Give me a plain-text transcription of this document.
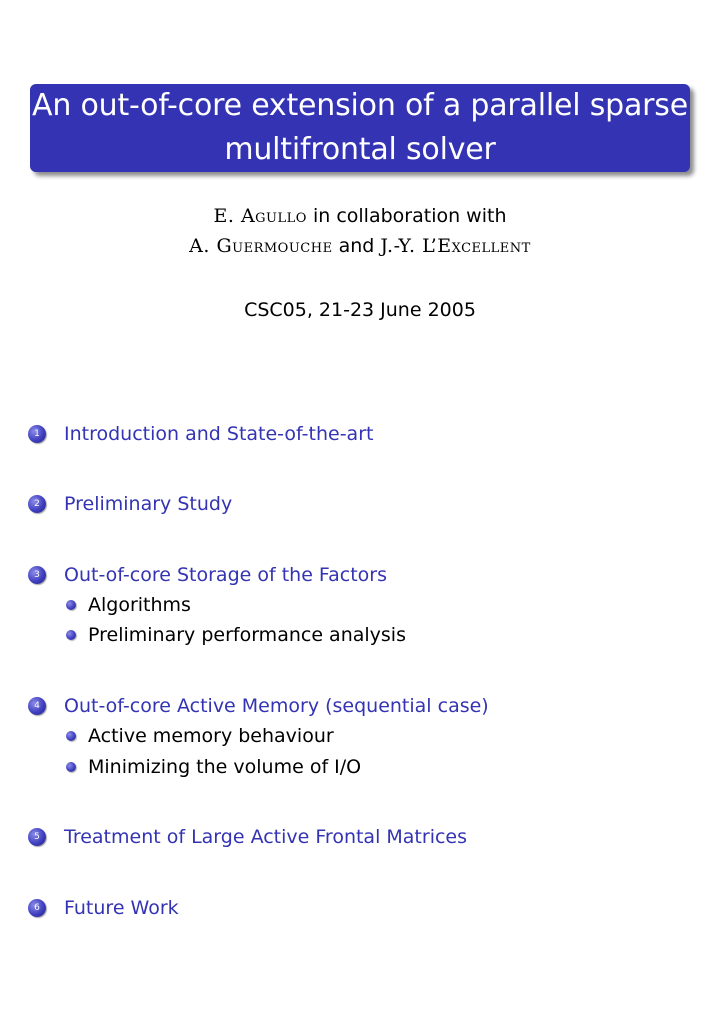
An out-of-core extension of a parallel sparse
multifrontal solver
E. Agullo in collaboration with
A. Guermouche and J.-Y. L’Excellent
CSC05, 21-23 June 2005
1	Introduction and State-of-the-art
2	Preliminary Study
3	Out-of-core Storage of the Factors
Algorithms
Preliminary performance analysis
4	Out-of-core Active Memory (sequential case)
Active memory behaviour
Minimizing the volume of I/O
5	Treatment of Large Active Frontal Matrices
6	Future Work
